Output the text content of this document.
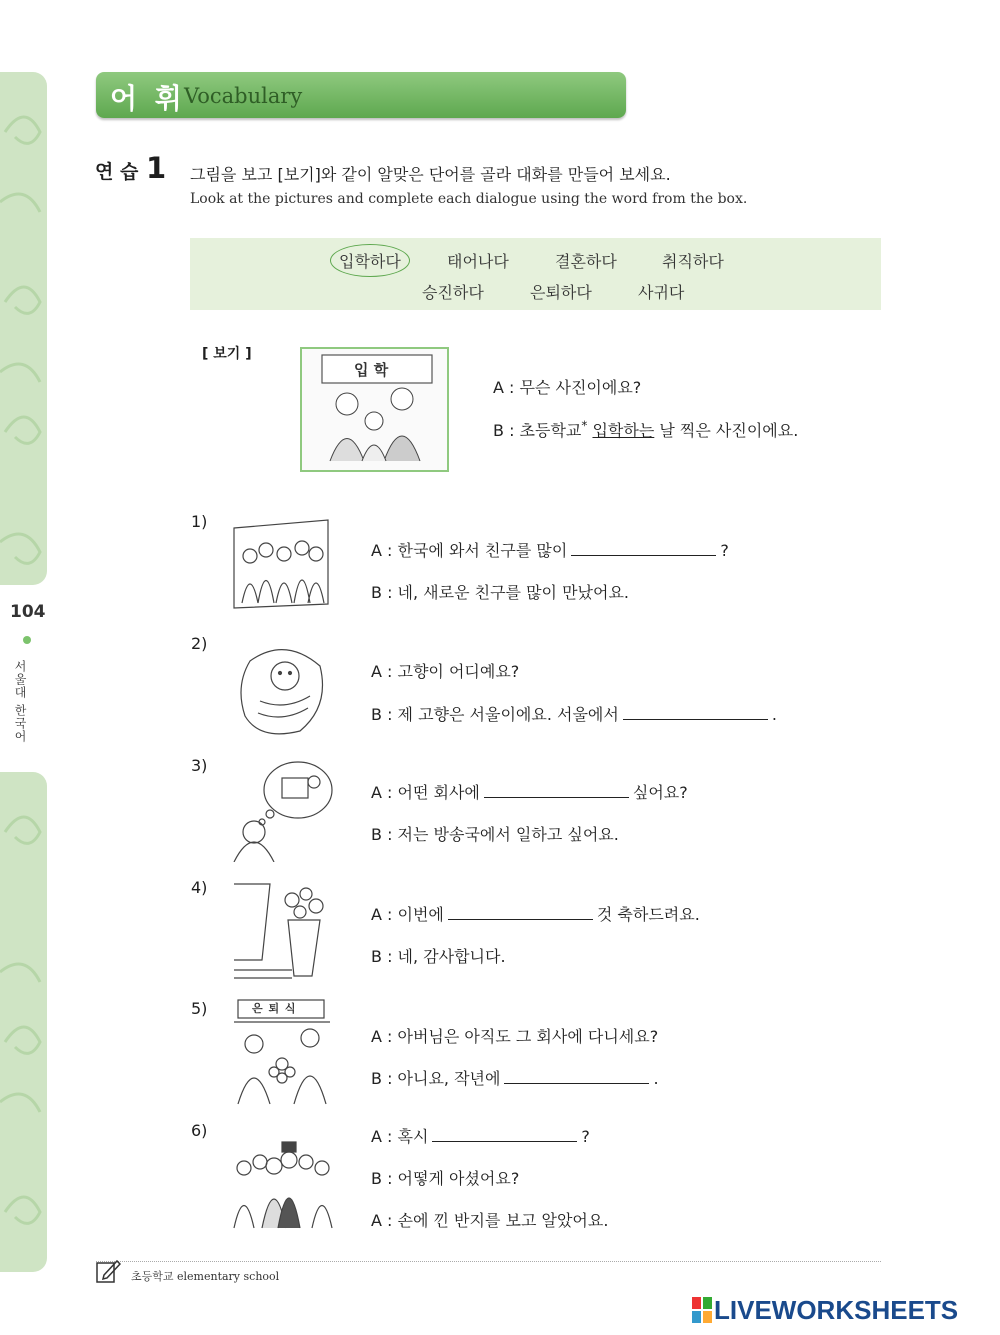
104
서울대 한국어
어 휘
Vocabulary
연 습 1 그림을 보고 [보기]와 같이 알맞은 단어를 골라 대화를 만들어 보세요.
Look at the pictures and complete each dialogue using the word from the box.
입학하다	태어나다	결혼하다	취직하다
승진하다	은퇴하다	사귀다
[ 보기 ]
입 학
A : 무슨 사진이에요?
B : 초등학교* 입학하는 날 찍은 사진이에요.
1)
A : 한국에 와서 친구를 많이	?
B : 네, 새로운 친구를 많이 만났어요.
2)
A : 고향이 어디예요?
B : 제 고향은 서울이에요. 서울에서	.
3)
A : 어떤 회사에	싶어요?
B : 저는 방송국에서 일하고 싶어요.
4)
A : 이번에	것 축하드려요.
B : 네, 감사합니다.
5)	은 퇴 식
A : 아버님은 아직도 그 회사에 다니세요?
B : 아니요, 작년에	.
6)	A : 혹시	?
B : 어떻게 아셨어요?
A : 손에 낀 반지를 보고 알았어요.
초등학교 elementary school
LIVEWORKSHEETS
